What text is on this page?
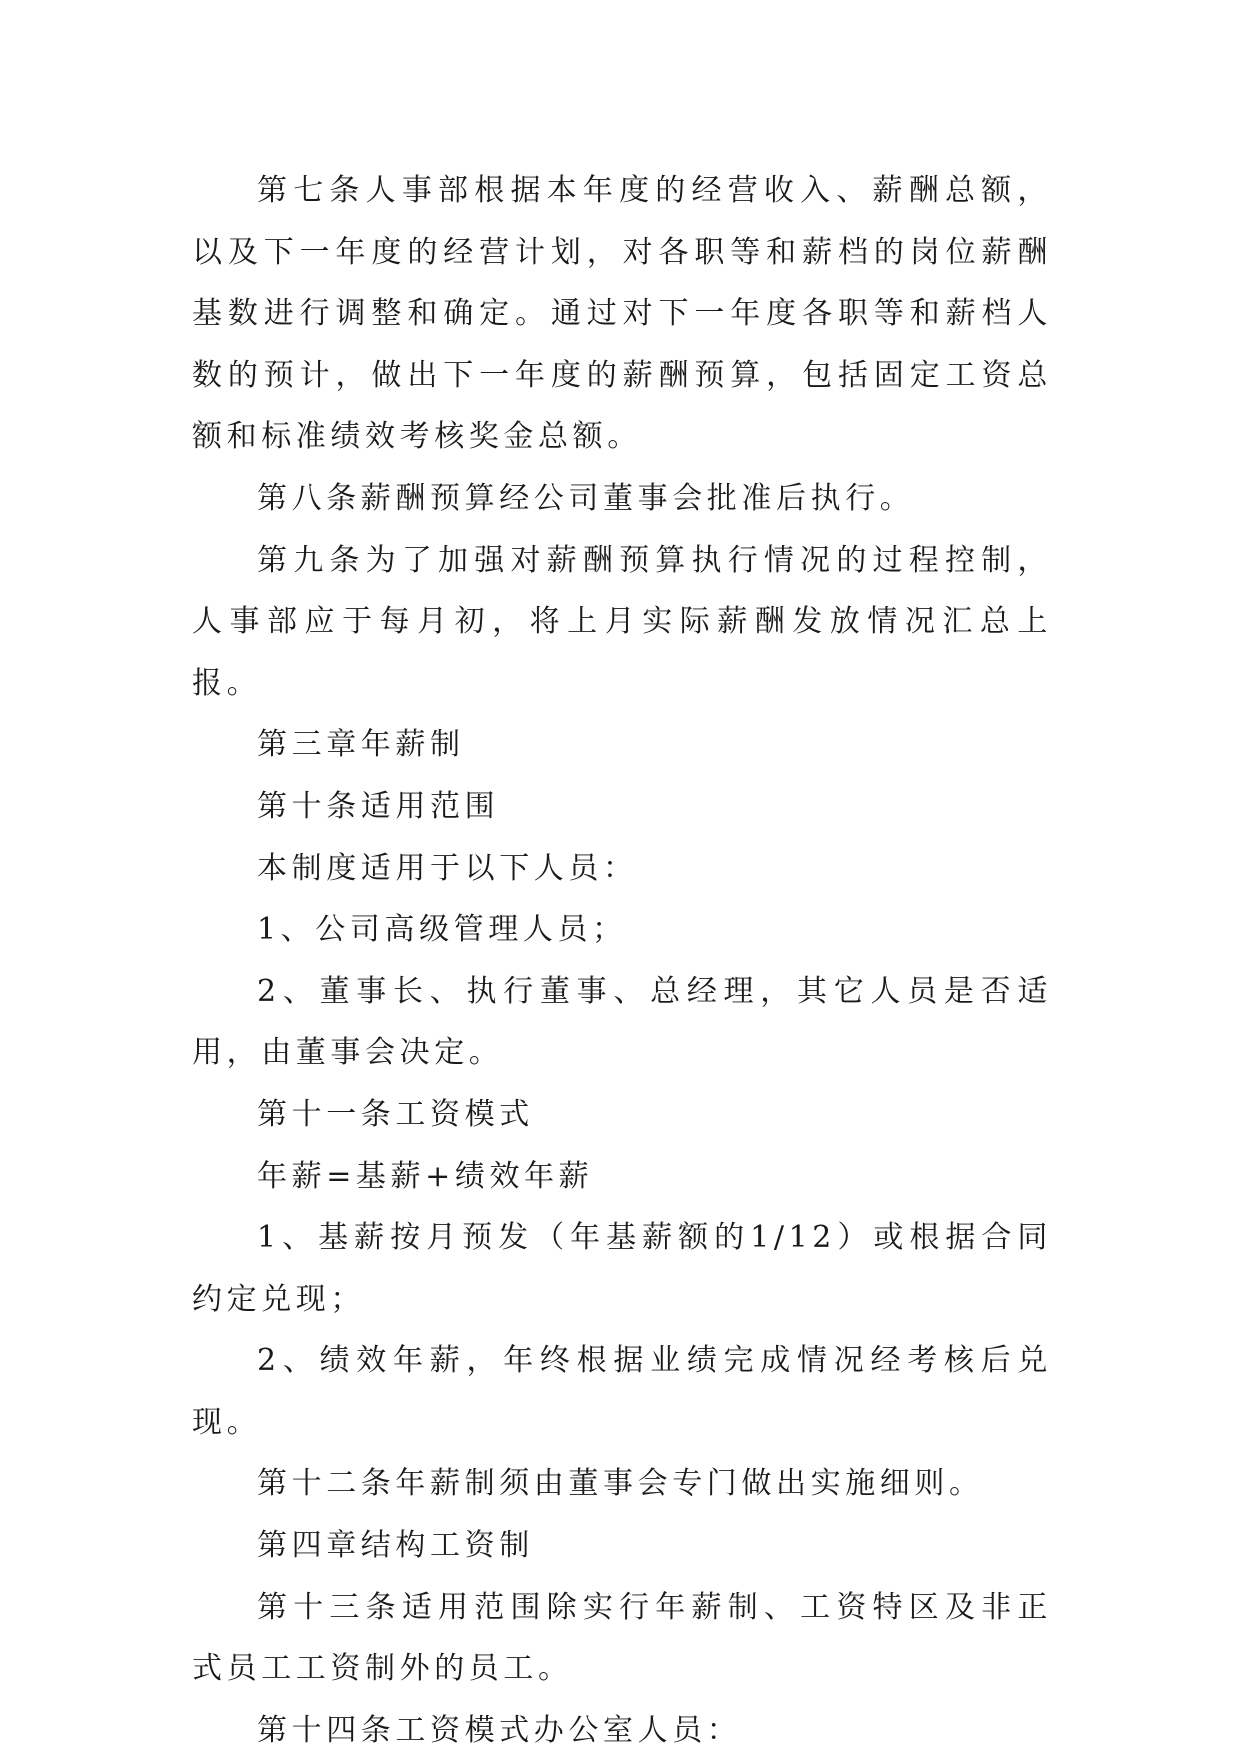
第七条人事部根据本年度的经营收入、薪酬总额，以及下一年度的经营计划，对各职等和薪档的岗位薪酬基数进行调整和确定。通过对下一年度各职等和薪档人数的预计，做出下一年度的薪酬预算，包括固定工资总额和标准绩效考核奖金总额。

第八条薪酬预算经公司董事会批准后执行。

第九条为了加强对薪酬预算执行情况的过程控制，人事部应于每月初，将上月实际薪酬发放情况汇总上报。

第三章年薪制

第十条适用范围

本制度适用于以下人员：

1、公司高级管理人员；

2、董事长、执行董事、总经理，其它人员是否适用，由董事会决定。

第十一条工资模式

年薪=基薪+绩效年薪

1、基薪按月预发（年基薪额的1/12）或根据合同约定兑现；

2、绩效年薪，年终根据业绩完成情况经考核后兑现。

第十二条年薪制须由董事会专门做出实施细则。

第四章结构工资制

第十三条适用范围除实行年薪制、工资特区及非正式员工工资制外的员工。

第十四条工资模式办公室人员：
